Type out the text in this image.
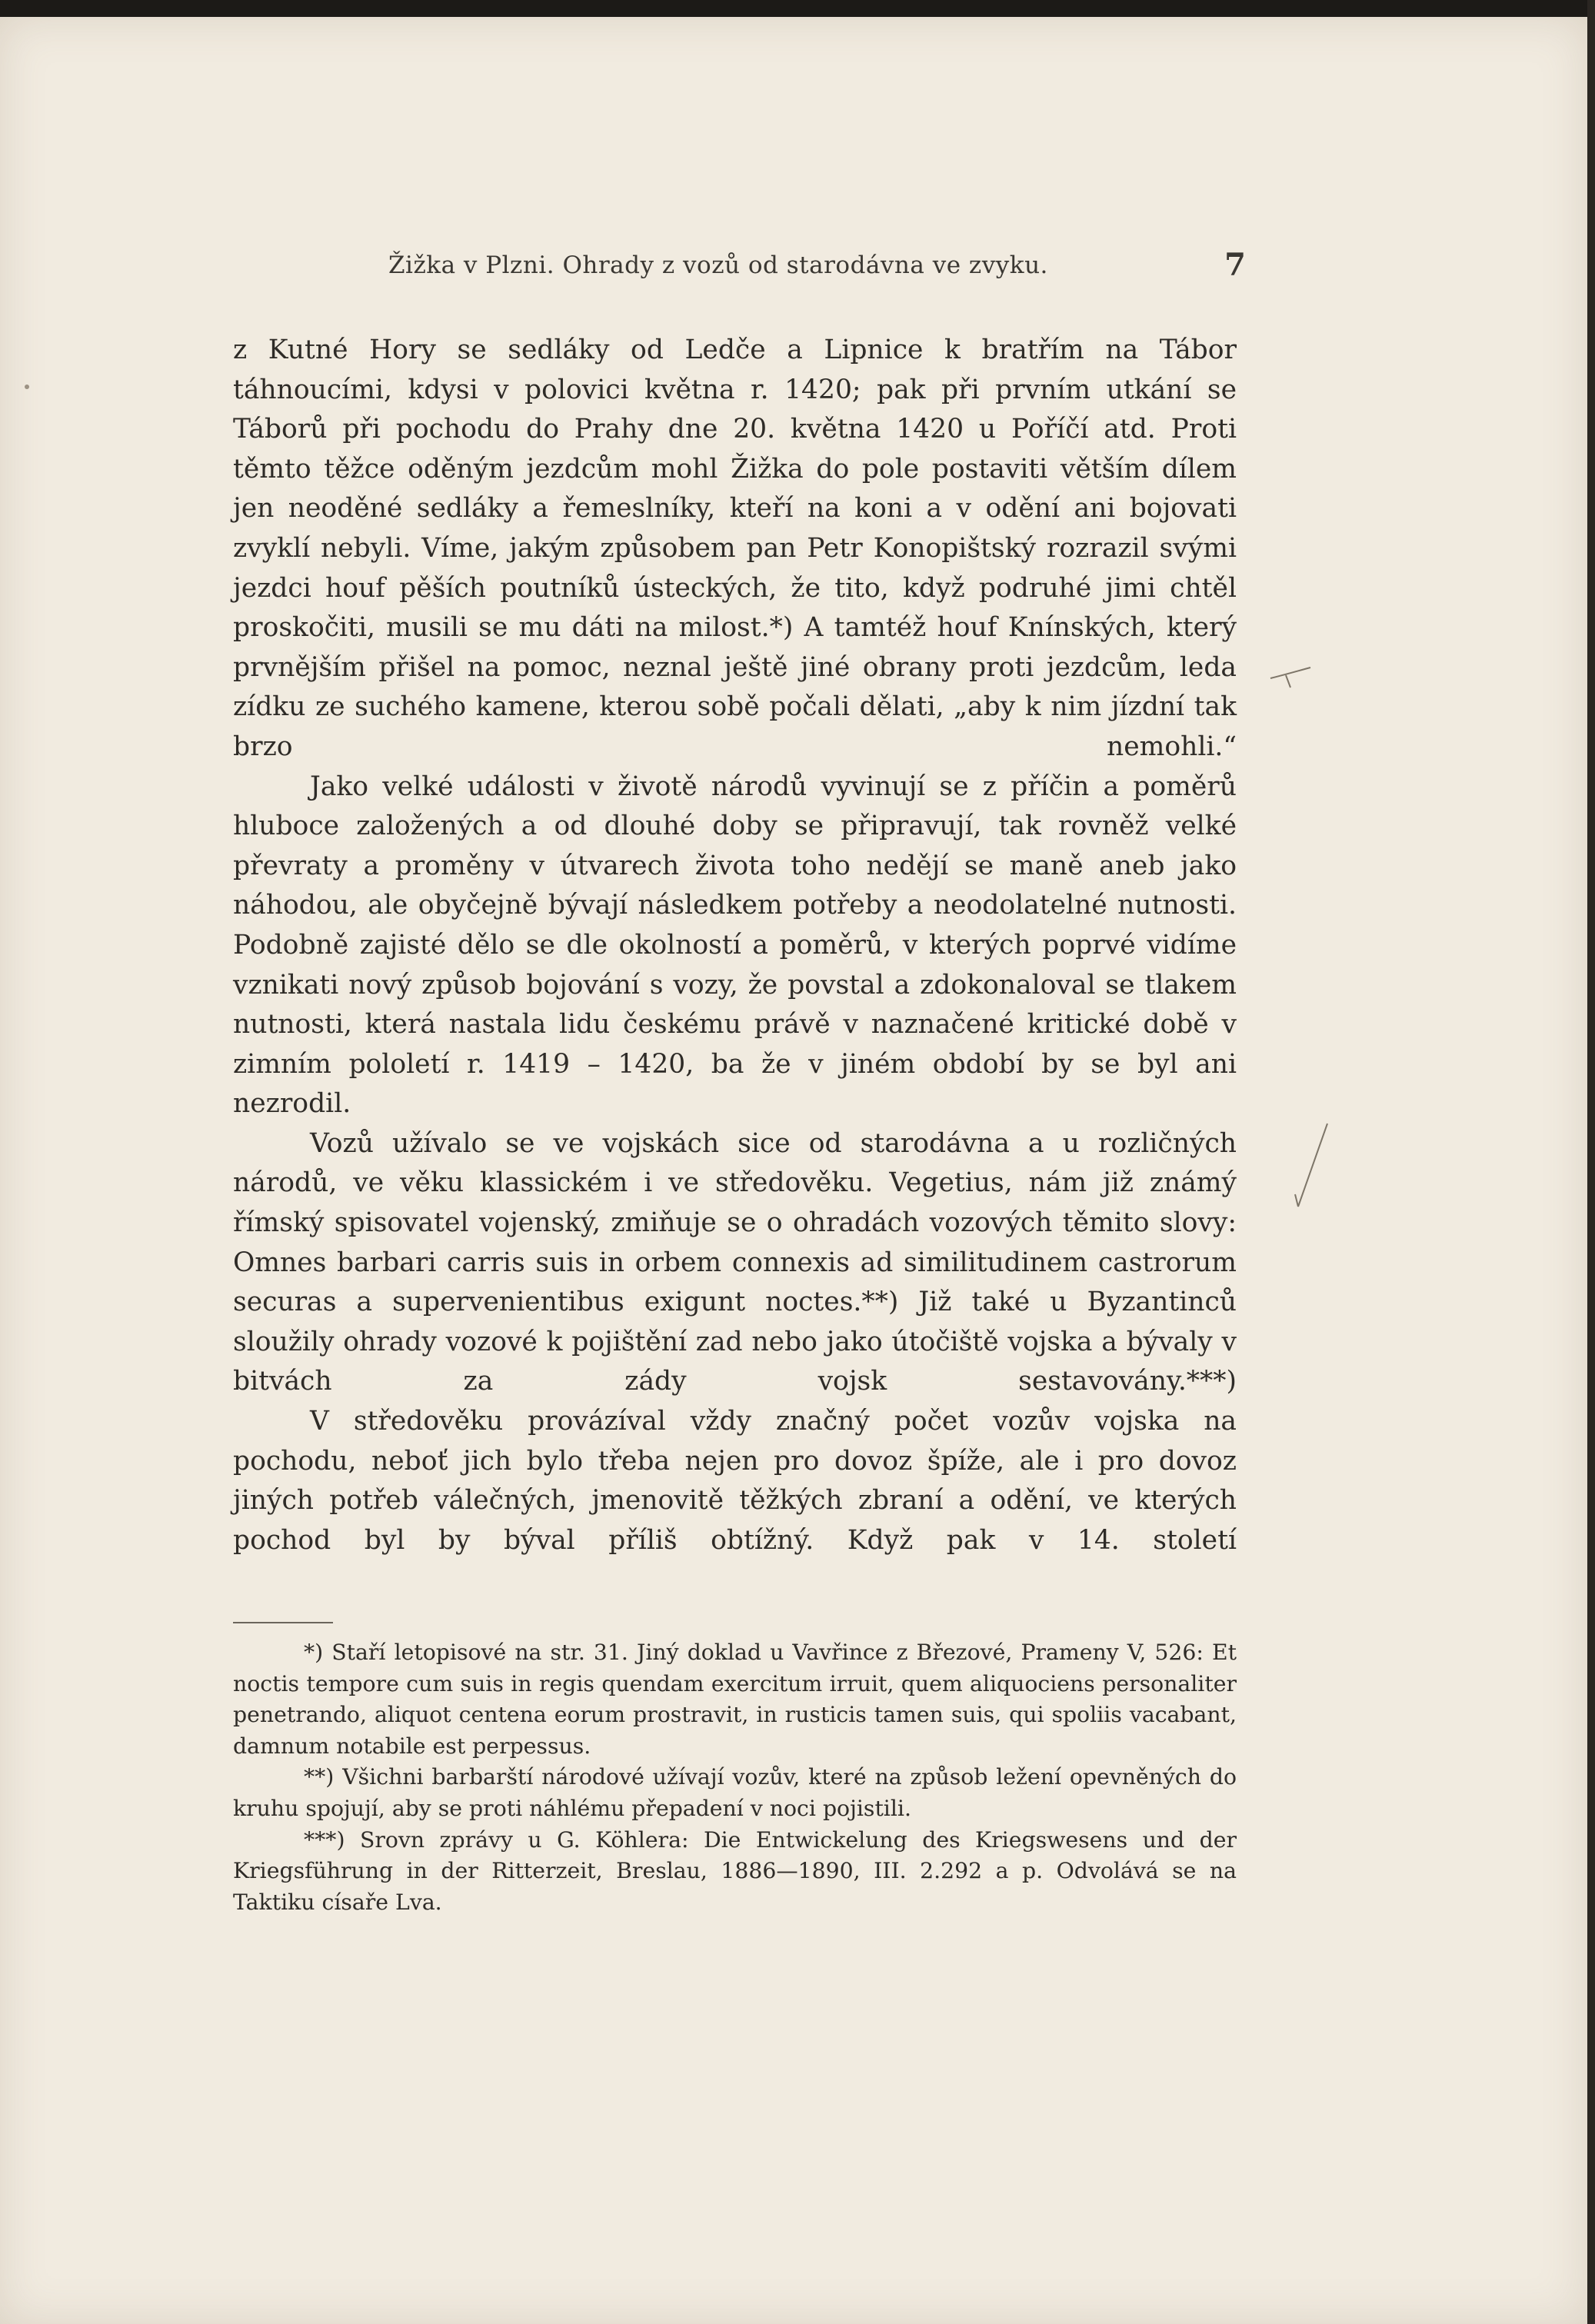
Žižka v Plzni. Ohrady z vozů od starodávna ve zvyku.	7

z Kutné Hory se sedláky od Ledče a Lipnice k bratřím na Tábor táhnoucími, kdysi v polovici května r. 1420; pak při prvním utkání se Táborů při pochodu do Prahy dne 20. května 1420 u Poříčí atd. Proti těmto těžce oděným jezdcům mohl Žižka do pole postaviti větším dílem jen neoděné sedláky a řemeslníky, kteří na koni a v odění ani bojovati zvyklí nebyli. Víme, jakým způsobem pan Petr Konopištský rozrazil svými jezdci houf pěších poutníků ústeckých, že tito, když podruhé jimi chtěl proskočiti, musili se mu dáti na milost.*) A tamtéž houf Knínských, který prvnějším přišel na pomoc, neznal ještě jiné obrany proti jezdcům, leda zídku ze suchého kamene, kterou sobě počali dělati, „aby k nim jízdní tak brzo nemohli.“

Jako velké události v životě národů vyvinují se z příčin a poměrů hluboce založených a od dlouhé doby se připravují, tak rovněž velké převraty a proměny v útvarech života toho nedějí se maně aneb jako náhodou, ale obyčejně bývají následkem potřeby a neodolatelné nutnosti. Podobně zajisté dělo se dle okolností a poměrů, v kterých poprvé vidíme vznikati nový způsob bojování s vozy, že povstal a zdokonaloval se tlakem nutnosti, která nastala lidu českému právě v naznačené kritické době v zimním pololetí r. 1419 – 1420, ba že v jiném období by se byl ani nezrodil.

Vozů užívalo se ve vojskách sice od starodávna a u rozličných národů, ve věku klassickém i ve středověku. Vegetius, nám již známý římský spisovatel vojenský, zmiňuje se o ohradách vozových těmito slovy: Omnes barbari carris suis in orbem connexis ad similitudinem castrorum securas a supervenientibus exigunt noctes.**) Již také u Byzantinců sloužily ohrady vozové k pojištění zad nebo jako útočiště vojska a bývaly v bitvách za zády vojsk sestavovány.***)

V středověku provázíval vždy značný počet vozův vojska na pochodu, neboť jich bylo třeba nejen pro dovoz špíže, ale i pro dovoz jiných potřeb válečných, jmenovitě těžkých zbraní a odění, ve kterých pochod byl by býval příliš obtížný. Když pak v 14. století

*) Staří letopisové na str. 31. Jiný doklad u Vavřince z Březové, Prameny V, 526: Et noctis tempore cum suis in regis quendam exercitum irruit, quem aliquociens personaliter penetrando, aliquot centena eorum prostravit, in rusticis tamen suis, qui spoliis vacabant, damnum notabile est perpessus.

**) Všichni barbarští národové užívají vozův, které na způsob ležení opevněných do kruhu spojují, aby se proti náhlému přepadení v noci pojistili.

***) Srovn zprávy u G. Köhlera: Die Entwickelung des Kriegswesens und der Kriegsführung in der Ritterzeit, Breslau, 1886—1890, III. 2.292 a p. Odvolává se na Taktiku císaře Lva.
